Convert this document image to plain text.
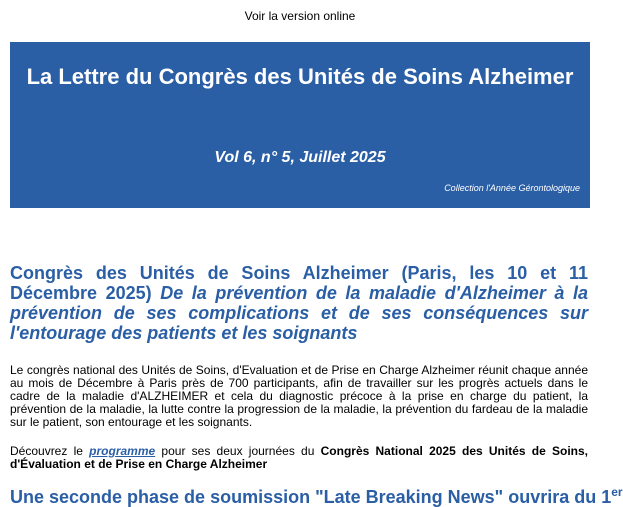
Voir la version online
La Lettre du Congrès des Unités de Soins Alzheimer
Vol 6, n° 5, Juillet 2025
Collection l'Année Gérontologique
Congrès des Unités de Soins Alzheimer (Paris, les 10 et 11 Décembre 2025) De la prévention de la maladie d'Alzheimer à la prévention de ses complications et de ses conséquences sur l'entourage des patients et les soignants

Le congrès national des Unités de Soins, d'Evaluation et de Prise en Charge Alzheimer réunit chaque année au mois de Décembre à Paris près de 700 participants, afin de travailler sur les progrès actuels dans le cadre de la maladie d'ALZHEIMER et cela du diagnostic précoce à la prise en charge du patient, la prévention de la maladie, la lutte contre la progression de la maladie, la prévention du fardeau de la maladie sur le patient, son entourage et les soignants.

Découvrez le programme pour ses deux journées du Congrès National 2025 des Unités de Soins, d'Évaluation et de Prise en Charge Alzheimer

Une seconde phase de soumission "Late Breaking News" ouvrira du 1er
